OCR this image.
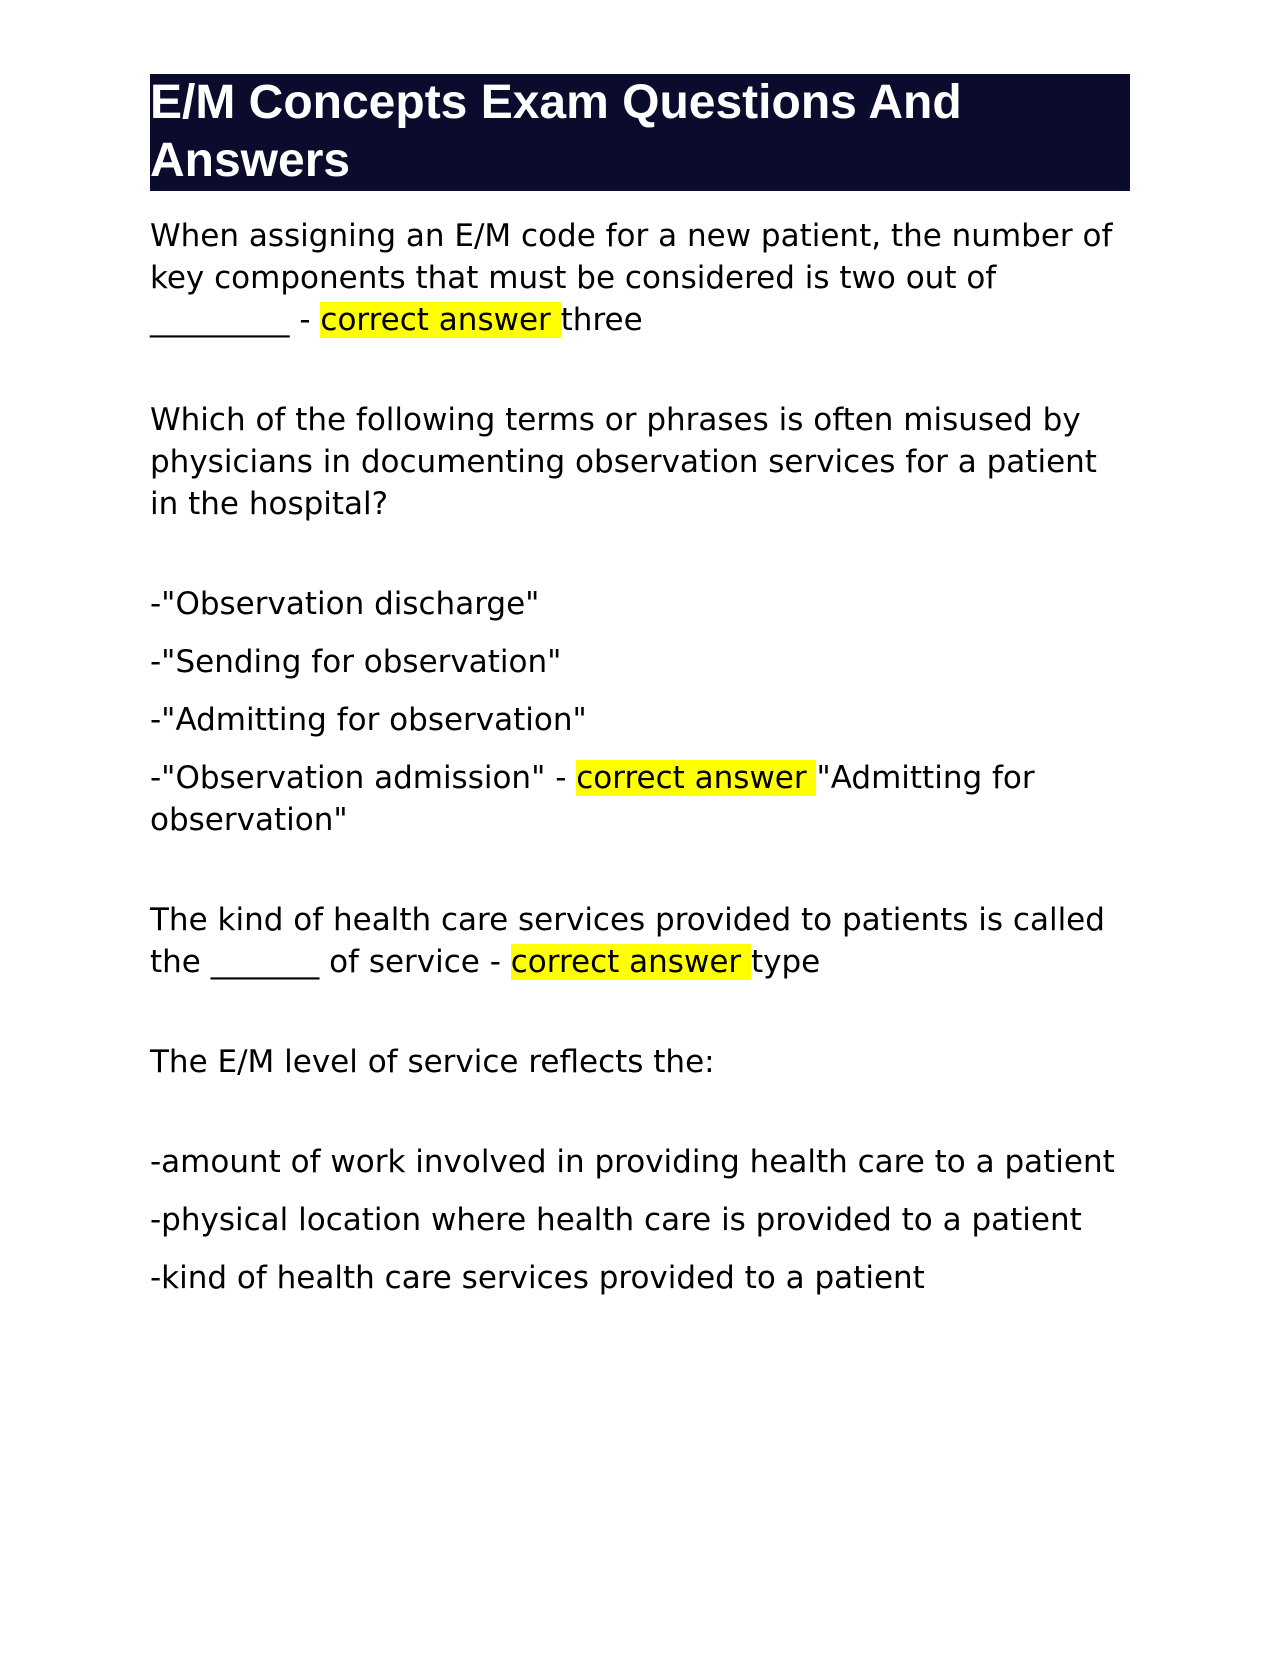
E/M Concepts Exam Questions And Answers

When assigning an E/M code for a new patient, the number of key components that must be considered is two out of _________ - correct answer three

Which of the following terms or phrases is often misused by physicians in documenting observation services for a patient in the hospital?

-"Observation discharge"

-"Sending for observation"

-"Admitting for observation"

-"Observation admission" - correct answer "Admitting for observation"

The kind of health care services provided to patients is called the _______ of service - correct answer type

The E/M level of service reflects the:

-amount of work involved in providing health care to a patient

-physical location where health care is provided to a patient

-kind of health care services provided to a patient
